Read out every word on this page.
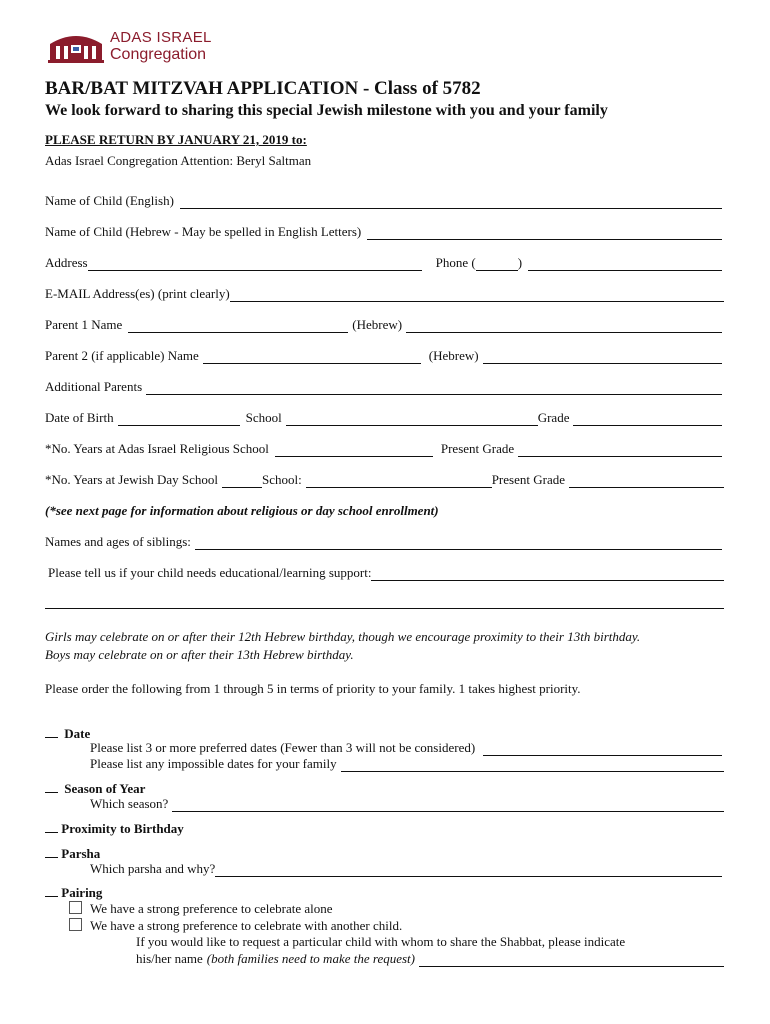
ADAS ISRAEL
Congregation
BAR/BAT MITZVAH APPLICATION - Class of 5782
We look forward to sharing this special Jewish milestone with you and your family
PLEASE RETURN BY JANUARY 21, 2019 to:
Adas Israel Congregation Attention: Beryl Saltman
Name of Child (English)
Name of Child (Hebrew - May be spelled in English Letters)
Address	Phone (	)
E-MAIL Address(es) (print clearly)
Parent 1 Name	(Hebrew)
Parent 2 (if applicable) Name	(Hebrew)
Additional Parents
Date of Birth	School	Grade
*No. Years at Adas Israel Religious School	Present Grade
*No. Years at Jewish Day School	School:	Present Grade
(*see next page for information about religious or day school enrollment)
Names and ages of siblings:
Please tell us if your child needs educational/learning support:
Girls may celebrate on or after their 12th Hebrew birthday, though we encourage proximity to their 13th birthday.
Boys may celebrate on or after their 13th Hebrew birthday.
Please order the following from 1 through 5 in terms of priority to your family. 1 takes highest priority.
Date
Please list 3 or more preferred dates (Fewer than 3 will not be considered)
Please list any impossible dates for your family
Season of Year
Which season?
Proximity to Birthday
Parsha
Which parsha and why?
Pairing
We have a strong preference to celebrate alone
We have a strong preference to celebrate with another child.
If you would like to request a particular child with whom to share the Shabbat, please indicate
his/her name (both families need to make the request)
